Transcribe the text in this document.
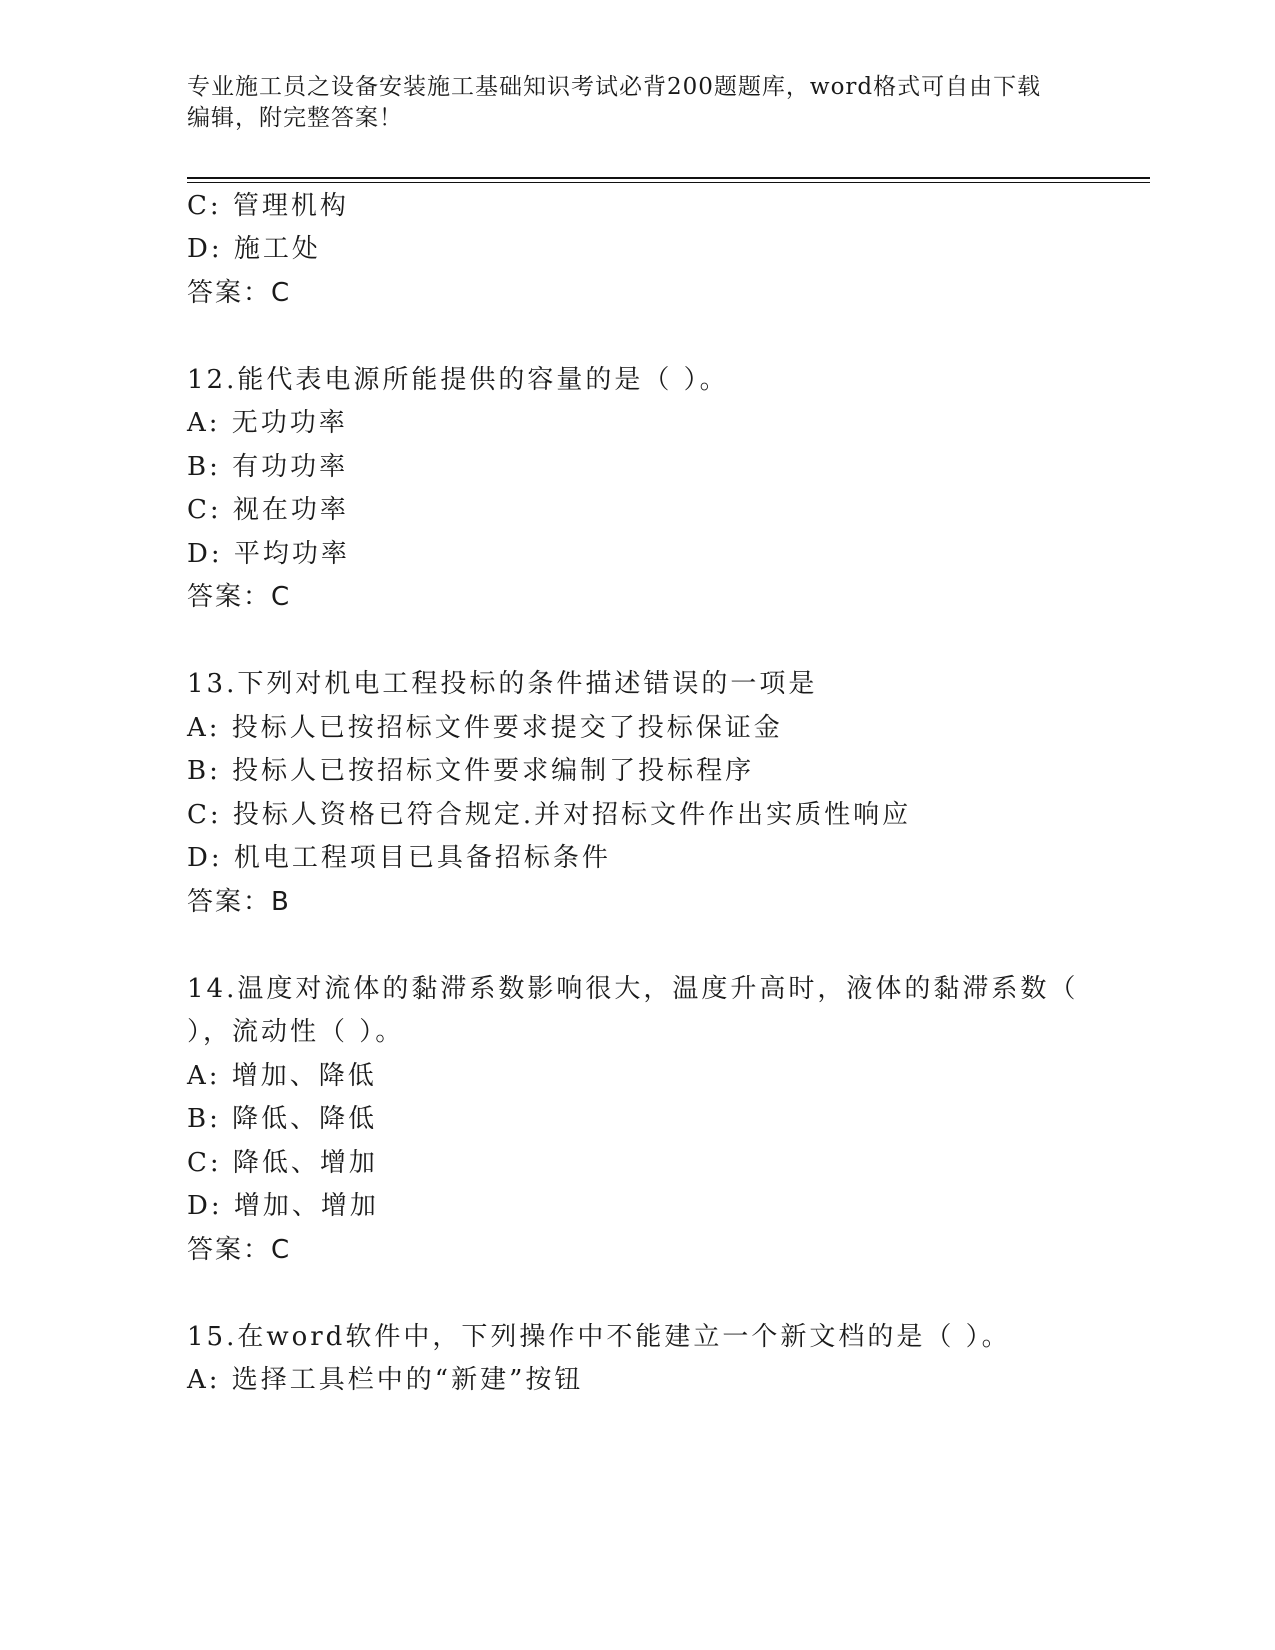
专业施工员之设备安装施工基础知识考试必背200题题库，word格式可自由下载
编辑，附完整答案！
C: 管理机构
D: 施工处
答案：C
12.能代表电源所能提供的容量的是（ ）。
A: 无功功率
B: 有功功率
C: 视在功率
D: 平均功率
答案：C
13.下列对机电工程投标的条件描述错误的一项是
A: 投标人已按招标文件要求提交了投标保证金
B: 投标人已按招标文件要求编制了投标程序
C: 投标人资格已符合规定.并对招标文件作出实质性响应
D: 机电工程项目已具备招标条件
答案：B
14.温度对流体的黏滞系数影响很大，温度升高时，液体的黏滞系数（
），流动性（ ）。
A: 增加、降低
B: 降低、降低
C: 降低、增加
D: 增加、增加
答案：C
15.在word软件中，下列操作中不能建立一个新文档的是（ ）。
A: 选择工具栏中的“新建”按钮
